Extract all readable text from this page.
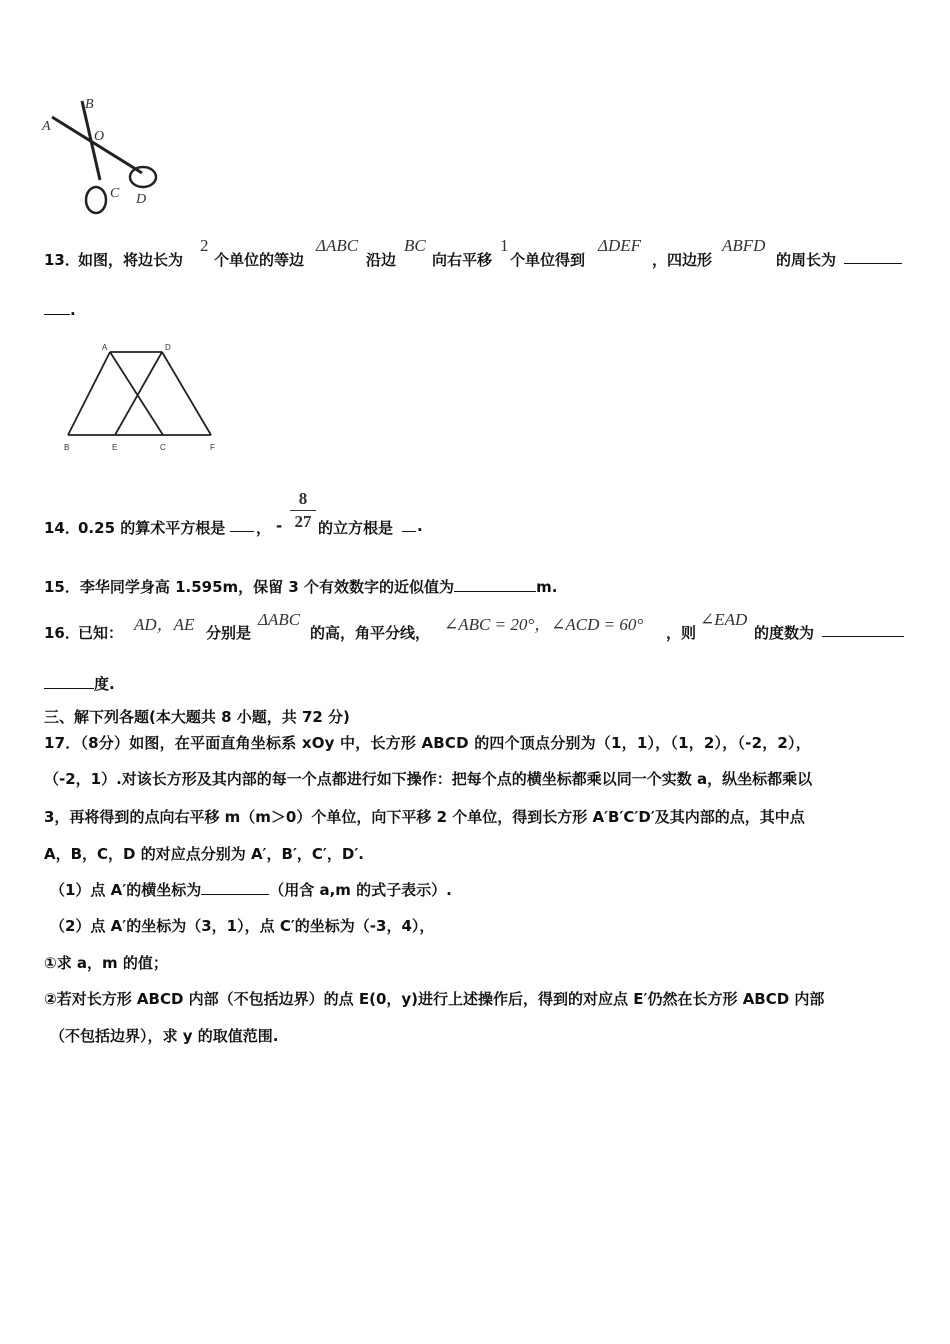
A
B
O
C D
13．
如图，将边长为
2
个单位的等边
ΔABC
沿边
BC
向右平移
1
个单位得到
ΔDEF
，四边形
ABFD
的周长为
.
A	D
B	E	C	F
14．
0.25 的算术平方根是 ， - $\frac{8}{27}$ 的立方根是 .
15．李华同学身高 1.595m，保留 3 个有效数字的近似值为	m.
16．
已知： AD，AE 分别是
ΔABC
的高，角平分线， ∠ABC = 20°，∠ACD = 60° ，则
∠EAD
的度数为
度.
三、解下列各题(本大题共 8 小题，共 72 分)
17．（8分）如图，在平面直角坐标系 xOy 中，长方形 ABCD 的四个顶点分别为（1，1），（1，2），（-2，2），
（-2，1）.对该长方形及其内部的每一个点都进行如下操作：把每个点的横坐标都乘以同一个实数 a，纵坐标都乘以
3，再将得到的点向右平移 m（m＞0）个单位，向下平移 2 个单位，得到长方形 A′B′C′D′及其内部的点，其中点
A，B，C，D 的对应点分别为 A′，B′，C′，D′.
（1）点 A′的横坐标为	（用含 a,m 的式子表示）.
（2）点 A′的坐标为（3，1），点 C′的坐标为（-3，4），
①求 a，m 的值；
②若对长方形 ABCD 内部（不包括边界）的点 E(0，y)进行上述操作后，得到的对应点 E′仍然在长方形 ABCD 内部
（不包括边界），求 y 的取值范围.
